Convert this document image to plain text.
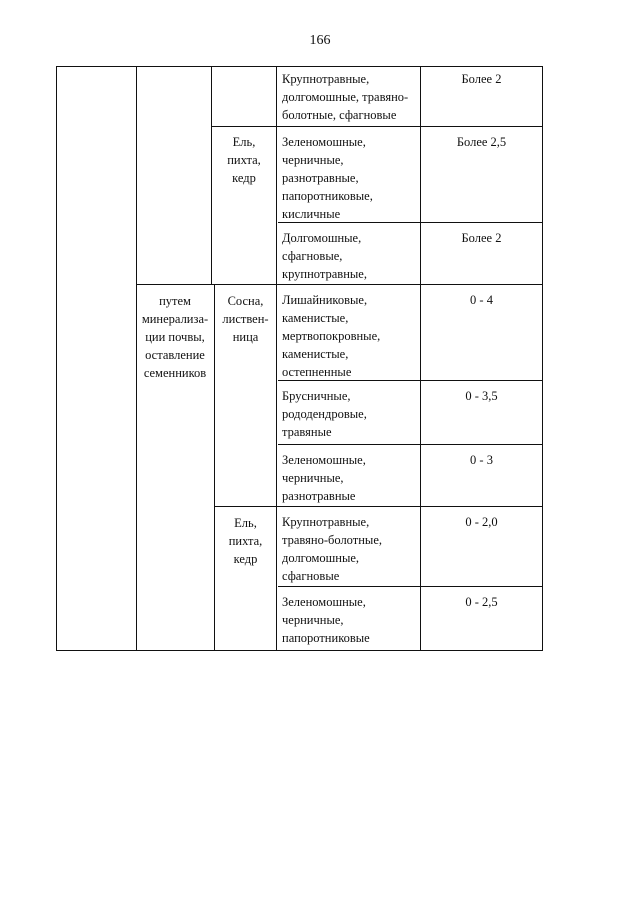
166
путем
минерализа-
ции почвы,
оставление
семенников
Ель,
пихта,
кедр
Сосна,
листвен-
ница
Ель,
пихта,
кедр
Крупнотравные,
долгомошные, травяно-
болотные, сфагновые
Зеленомошные,
черничные,
разнотравные,
папоротниковые,
кисличные
Долгомошные,
сфагновые,
крупнотравные,
Лишайниковые,
каменистые,
мертвопокровные,
каменистые,
остепненные
Брусничные,
рододендровые,
травяные
Зеленомошные,
черничные,
разнотравные
Крупнотравные,
травяно-болотные,
долгомошные,
сфагновые
Зеленомошные,
черничные,
папоротниковые
Более 2
Более 2,5
Более 2
0 - 4
0 - 3,5
0 - 3
0 - 2,0
0 - 2,5
